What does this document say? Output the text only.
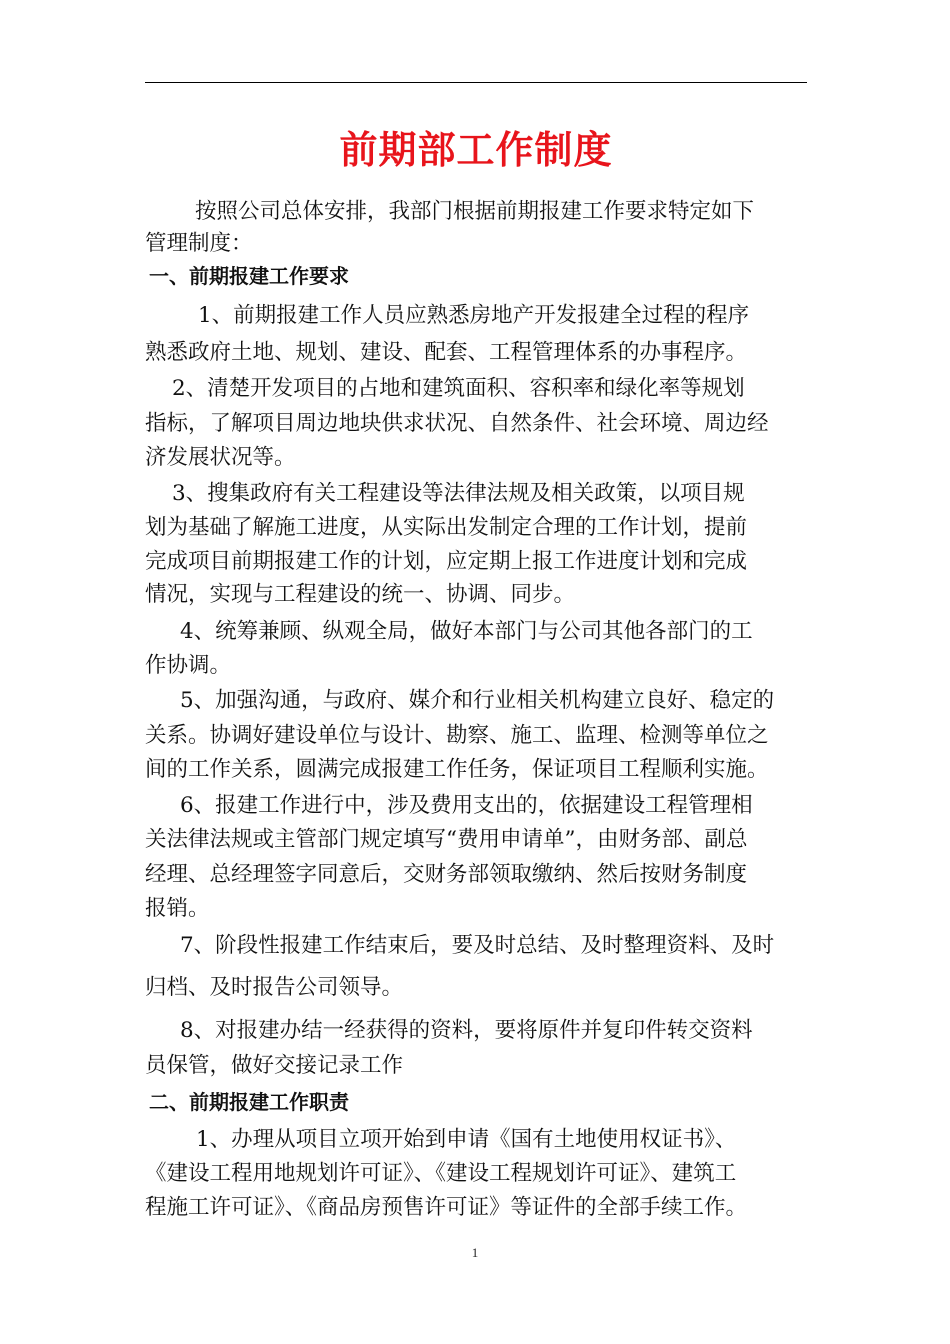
前期部工作制度
按照公司总体安排，我部门根据前期报建工作要求特定如下
管理制度：
一、前期报建工作要求
1、前期报建工作人员应熟悉房地产开发报建全过程的程序
熟悉政府土地、规划、建设、配套、工程管理体系的办事程序。
2、清楚开发项目的占地和建筑面积、容积率和绿化率等规划
指标，了解项目周边地块供求状况、自然条件、社会环境、周边经
济发展状况等。
3、搜集政府有关工程建设等法律法规及相关政策，以项目规
划为基础了解施工进度，从实际出发制定合理的工作计划，提前
完成项目前期报建工作的计划，应定期上报工作进度计划和完成
情况，实现与工程建设的统一、协调、同步。
4、统筹兼顾、纵观全局，做好本部门与公司其他各部门的工
作协调。
5、加强沟通，与政府、媒介和行业相关机构建立良好、稳定的
关系。协调好建设单位与设计、勘察、施工、监理、检测等单位之
间的工作关系，圆满完成报建工作任务，保证项目工程顺利实施。
6、报建工作进行中，涉及费用支出的，依据建设工程管理相
关法律法规或主管部门规定填写“费用申请单”，由财务部、副总
经理、总经理签字同意后，交财务部领取缴纳、然后按财务制度
报销。
7、阶段性报建工作结束后，要及时总结、及时整理资料、及时
归档、及时报告公司领导。
8、对报建办结一经获得的资料，要将原件并复印件转交资料
员保管，做好交接记录工作
二、前期报建工作职责
1、办理从项目立项开始到申请《国有土地使用权证书》、
《建设工程用地规划许可证》、《建设工程规划许可证》、建筑工
程施工许可证》、《商品房预售许可证》等证件的全部手续工作。
1
